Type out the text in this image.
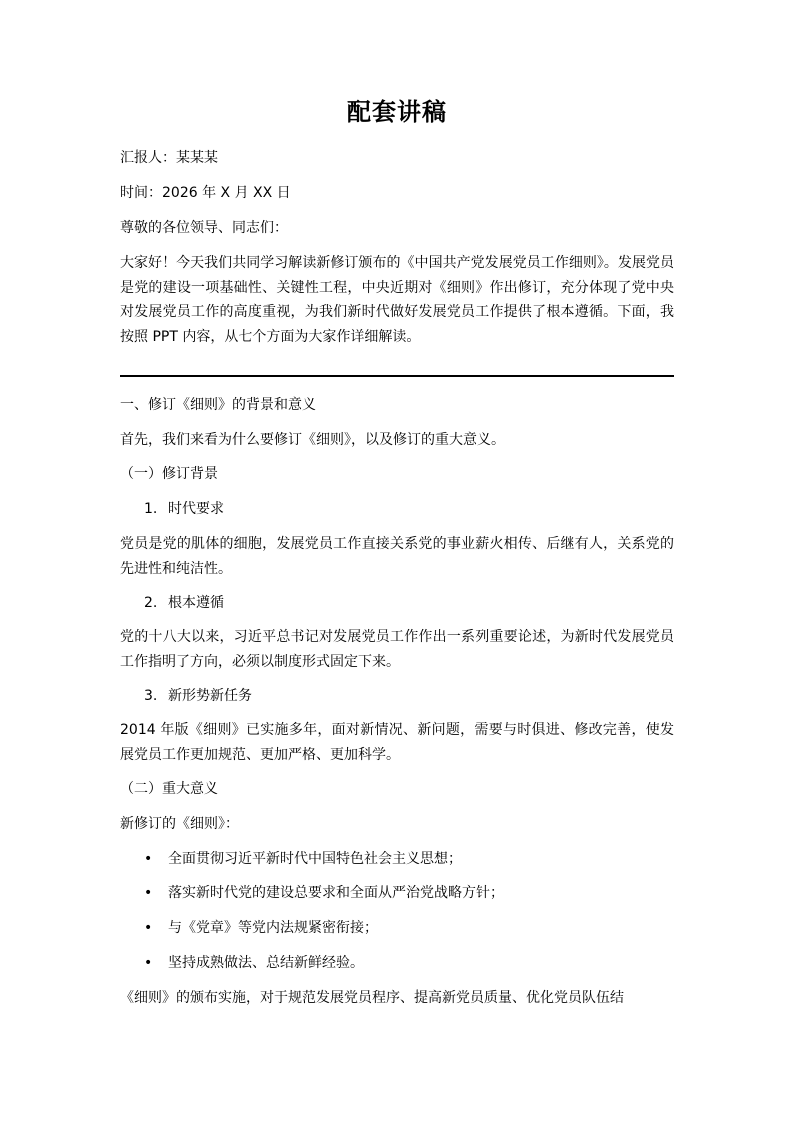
配套讲稿
汇报人：某某某
时间：2026 年 X 月 XX 日
尊敬的各位领导、同志们：
大家好！今天我们共同学习解读新修订颁布的《中国共产党发展党员工作细则》。发展党员是党的建设一项基础性、关键性工程，中央近期对《细则》作出修订，充分体现了党中央对发展党员工作的高度重视，为我们新时代做好发展党员工作提供了根本遵循。下面，我按照 PPT 内容，从七个方面为大家作详细解读。
一、修订《细则》的背景和意义
首先，我们来看为什么要修订《细则》，以及修订的重大意义。
（一）修订背景
1. 时代要求
党员是党的肌体的细胞，发展党员工作直接关系党的事业薪火相传、后继有人，关系党的先进性和纯洁性。
2. 根本遵循
党的十八大以来，习近平总书记对发展党员工作作出一系列重要论述，为新时代发展党员工作指明了方向，必须以制度形式固定下来。
3. 新形势新任务
2014 年版《细则》已实施多年，面对新情况、新问题，需要与时俱进、修改完善，使发展党员工作更加规范、更加严格、更加科学。
（二）重大意义
新修订的《细则》：
• 全面贯彻习近平新时代中国特色社会主义思想；
• 落实新时代党的建设总要求和全面从严治党战略方针；
• 与《党章》等党内法规紧密衔接；
• 坚持成熟做法、总结新鲜经验。
《细则》的颁布实施，对于规范发展党员程序、提高新党员质量、优化党员队伍结
